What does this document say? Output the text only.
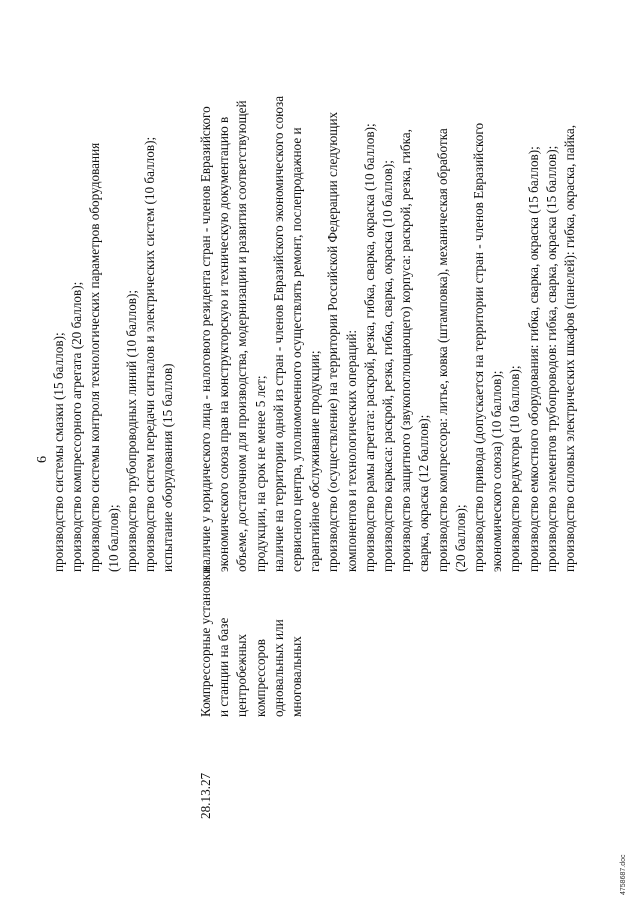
6 производство системы смазки (15 баллов); производство компрессорного агрегата (20 баллов); производство системы контроля технологических параметров оборудования (10 баллов); производство трубопроводных линий (10 баллов); производство систем передачи сигналов и электрических систем (10 баллов); испытание оборудования (15 баллов)
28.13.27
Компрессорные установки и станции на базе центробежных компрессоров одновальных или многовальных
наличие у юридического лица - налогового резидента стран - членов Евразийского экономического союза прав на конструкторскую и техническую документацию в объеме, достаточном для производства, модернизации и развития соответствующей продукции, на срок не менее 5 лет; наличие на территории одной из стран - членов Евразийского экономического союза сервисного центра, уполномоченного осуществлять ремонт, послепродажное и гарантийное обслуживание продукции; производство (осуществление) на территории Российской Федерации следующих компонентов и технологических операций: производство рамы агрегата: раскрой, резка, гибка, сварка, окраска (10 баллов); производство каркаса: раскрой, резка, гибка, сварка, окраска (10 баллов); производство защитного (звукопоглощающего) корпуса: раскрой, резка, гибка, сварка, окраска (12 баллов); производство компрессора: литье, ковка (штамповка), механическая обработка (20 баллов); производство привода (допускается на территории стран - членов Евразийского экономического союза) (10 баллов); производство редуктора (10 баллов); производство емкостного оборудования: гибка, сварка, окраска (15 баллов); производство элементов трубопроводов: гибка, сварка, окраска (15 баллов); производство силовых электрических шкафов (панелей): гибка, окраска, пайка,
4758687.doc
